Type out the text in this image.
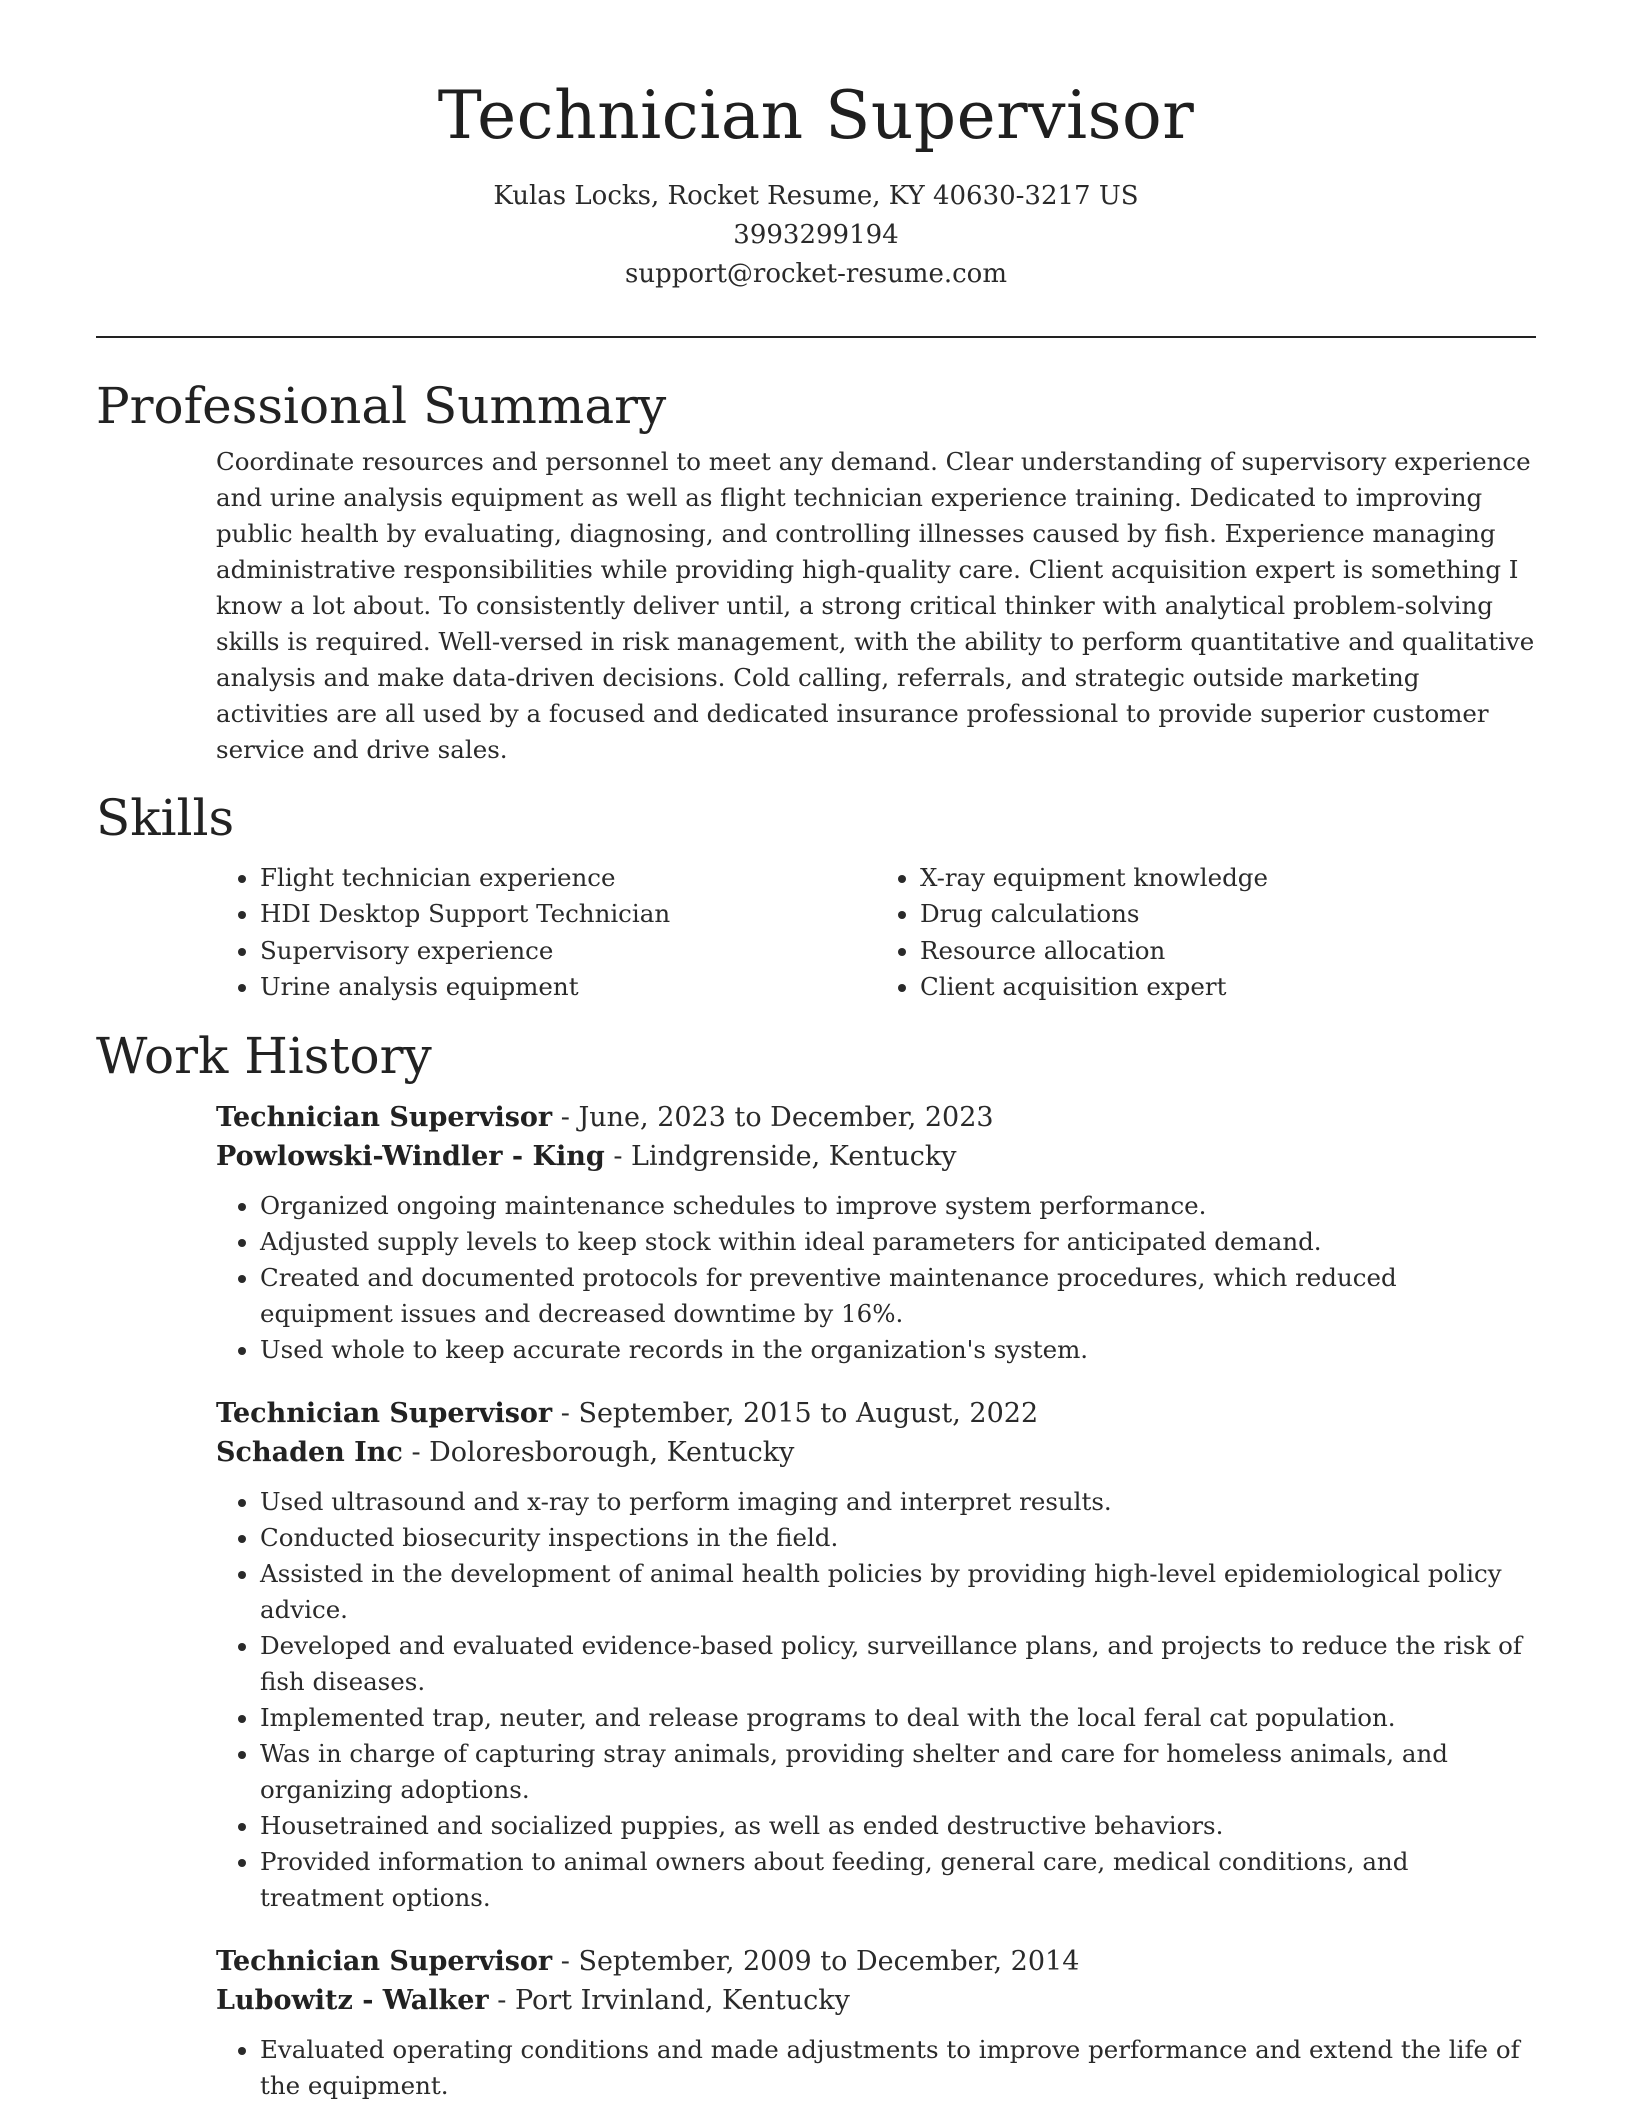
Technician Supervisor
Kulas Locks, Rocket Resume, KY 40630-3217 US
3993299194
support@rocket-resume.com
Professional Summary
Coordinate resources and personnel to meet any demand. Clear understanding of supervisory experience and urine analysis equipment as well as flight technician experience training. Dedicated to improving public health by evaluating, diagnosing, and controlling illnesses caused by fish. Experience managing administrative responsibilities while providing high-quality care. Client acquisition expert is something I know a lot about. To consistently deliver until, a strong critical thinker with analytical problem-solving skills is required. Well-versed in risk management, with the ability to perform quantitative and qualitative analysis and make data-driven decisions. Cold calling, referrals, and strategic outside marketing activities are all used by a focused and dedicated insurance professional to provide superior customer service and drive sales.
Skills
• Flight technician experience
• HDI Desktop Support Technician
• Supervisory experience
• Urine analysis equipment
• X-ray equipment knowledge
• Drug calculations
• Resource allocation
• Client acquisition expert
Work History
Technician Supervisor - June, 2023 to December, 2023
Powlowski-Windler - King - Lindgrenside, Kentucky
• Organized ongoing maintenance schedules to improve system performance.
• Adjusted supply levels to keep stock within ideal parameters for anticipated demand.
• Created and documented protocols for preventive maintenance procedures, which reduced equipment issues and decreased downtime by 16%.
• Used whole to keep accurate records in the organization's system.
Technician Supervisor - September, 2015 to August, 2022
Schaden Inc - Doloresborough, Kentucky
• Used ultrasound and x-ray to perform imaging and interpret results.
• Conducted biosecurity inspections in the field.
• Assisted in the development of animal health policies by providing high-level epidemiological policy advice.
• Developed and evaluated evidence-based policy, surveillance plans, and projects to reduce the risk of fish diseases.
• Implemented trap, neuter, and release programs to deal with the local feral cat population.
• Was in charge of capturing stray animals, providing shelter and care for homeless animals, and organizing adoptions.
• Housetrained and socialized puppies, as well as ended destructive behaviors.
• Provided information to animal owners about feeding, general care, medical conditions, and treatment options.
Technician Supervisor - September, 2009 to December, 2014
Lubowitz - Walker - Port Irvinland, Kentucky
• Evaluated operating conditions and made adjustments to improve performance and extend the life of the equipment.
